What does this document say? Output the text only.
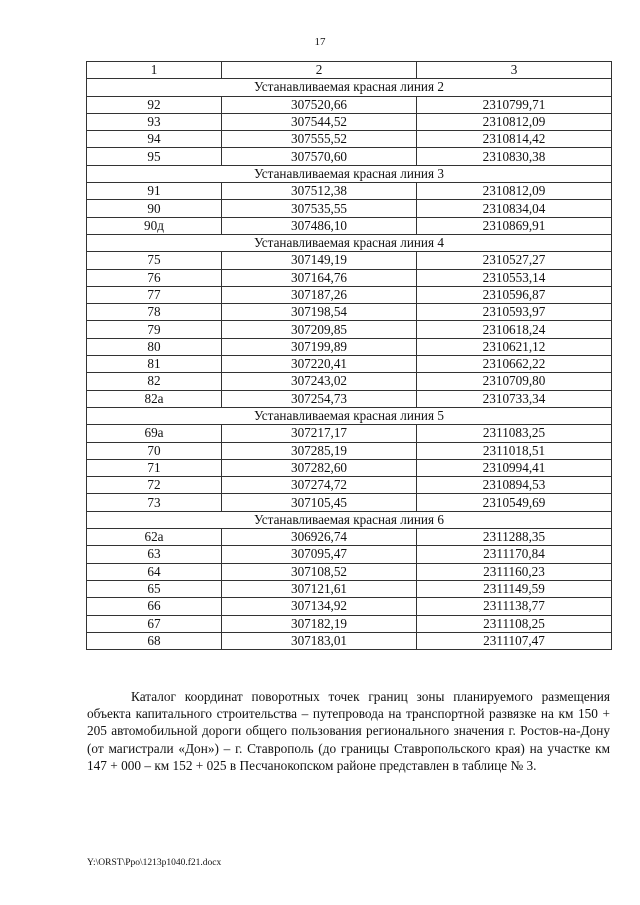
17
1	2	3
Устанавливаемая красная линия 2		
92	307520,66	2310799,71
93	307544,52	2310812,09
94	307555,52	2310814,42
95	307570,60	2310830,38
Устанавливаемая красная линия 3		
91	307512,38	2310812,09
90	307535,55	2310834,04
90д	307486,10	2310869,91
Устанавливаемая красная линия 4		
75	307149,19	2310527,27
76	307164,76	2310553,14
77	307187,26	2310596,87
78	307198,54	2310593,97
79	307209,85	2310618,24
80	307199,89	2310621,12
81	307220,41	2310662,22
82	307243,02	2310709,80
82а	307254,73	2310733,34
Устанавливаемая красная линия 5		
69а	307217,17	2311083,25
70	307285,19	2311018,51
71	307282,60	2310994,41
72	307274,72	2310894,53
73	307105,45	2310549,69
Устанавливаемая красная линия 6		
62а	306926,74	2311288,35
63	307095,47	2311170,84
64	307108,52	2311160,23
65	307121,61	2311149,59
66	307134,92	2311138,77
67	307182,19	2311108,25
68	307183,01	2311107,47
Каталог координат поворотных точек границ зоны планируемого размещения объекта капитального строительства – путепровода на транспортной развязке на км 150 + 205 автомобильной дороги общего пользования регионального значения г. Ростов-на-Дону (от магистрали «Дон») – г. Ставрополь (до границы Ставропольского края) на участке км 147 + 000 – км 152 + 025 в Песчанокопском районе представлен в таблице № 3.
Y:\ORST\Ppo\1213p1040.f21.docx
